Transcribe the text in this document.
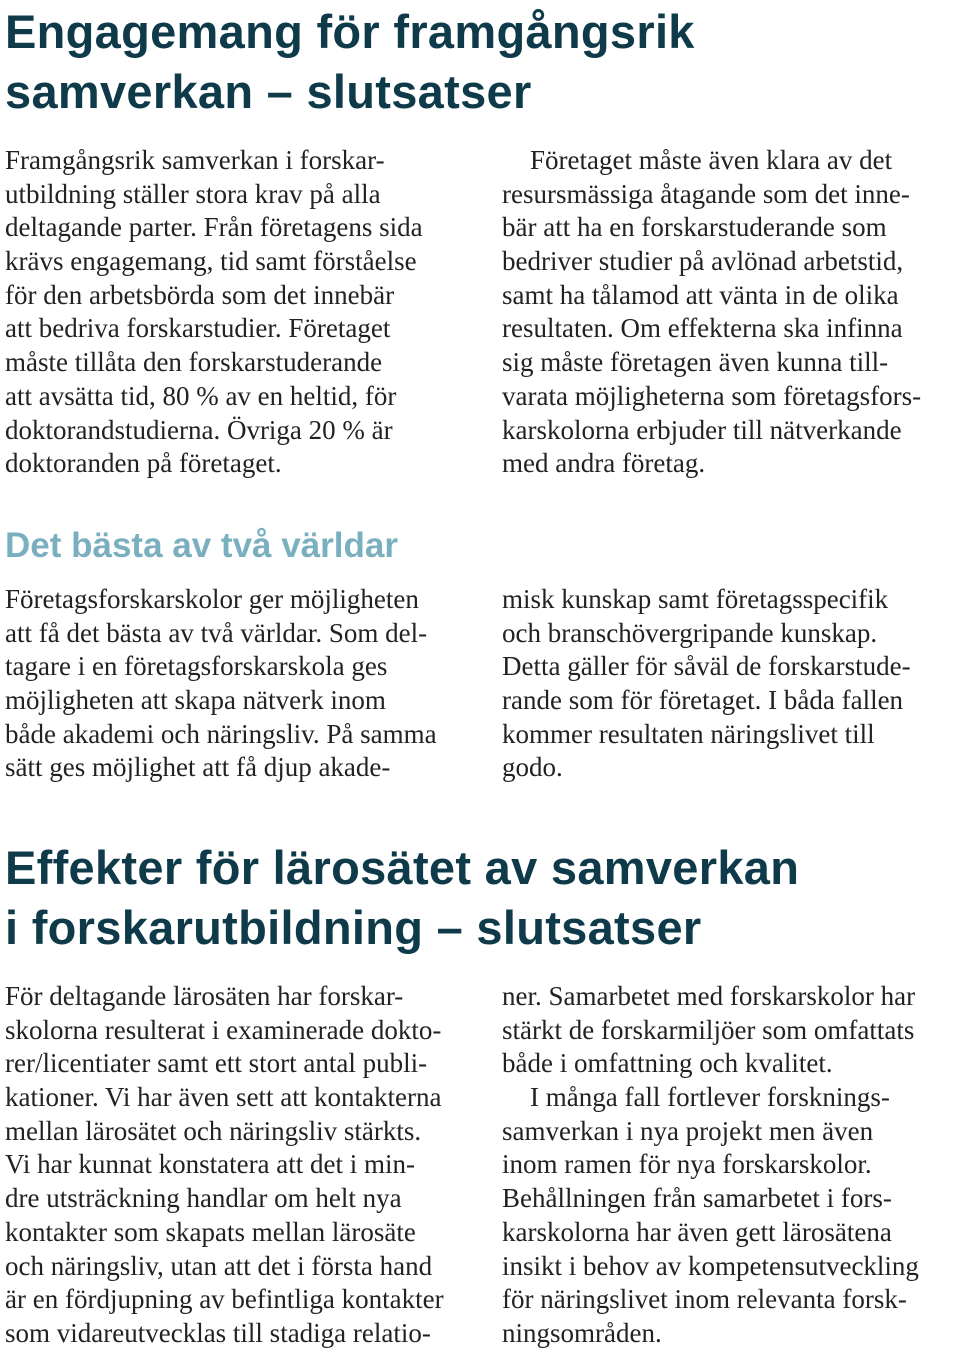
Engagemang för framgångsrik
samverkan – slutsatser
Framgångsrik samverkan i forskar-
utbildning ställer stora krav på alla
deltagande parter. Från företagens sida
krävs engagemang, tid samt förståelse
för den arbetsbörda som det innebär
att bedriva forskarstudier. Företaget
måste tillåta den forskarstuderande
att avsätta tid, 80 % av en heltid, för
doktorandstudierna. Övriga 20 % är
doktoranden på företaget.
Företaget måste även klara av det
resursmässiga åtagande som det inne-
bär att ha en forskarstuderande som
bedriver studier på avlönad arbetstid,
samt ha tålamod att vänta in de olika
resultaten. Om effekterna ska infinna
sig måste företagen även kunna till-
varata möjligheterna som företagsfors-
karskolorna erbjuder till nätverkande
med andra företag.
Det bästa av två världar
Företagsforskarskolor ger möjligheten
att få det bästa av två världar. Som del-
tagare i en företagsforskarskola ges
möjligheten att skapa nätverk inom
både akademi och näringsliv. På samma
sätt ges möjlighet att få djup akade-
misk kunskap samt företagsspecifik
och branschövergripande kunskap.
Detta gäller för såväl de forskarstude-
rande som för företaget. I båda fallen
kommer resultaten näringslivet till
godo.
Effekter för lärosätet av samverkan
i forskarutbildning – slutsatser
För deltagande lärosäten har forskar-
skolorna resulterat i examinerade dokto-
rer/licentiater samt ett stort antal publi-
kationer. Vi har även sett att kontakterna
mellan lärosätet och näringsliv stärkts.
Vi har kunnat konstatera att det i min-
dre utsträckning handlar om helt nya
kontakter som skapats mellan lärosäte
och näringsliv, utan att det i första hand
är en fördjupning av befintliga kontakter
som vidareutvecklas till stadiga relatio-
ner. Samarbetet med forskarskolor har
stärkt de forskarmiljöer som omfattats
både i omfattning och kvalitet.
I många fall fortlever forsknings-
samverkan i nya projekt men även
inom ramen för nya forskarskolor.
Behållningen från samarbetet i fors-
karskolorna har även gett lärosätena
insikt i behov av kompetensutveckling
för näringslivet inom relevanta forsk-
ningsområden.
